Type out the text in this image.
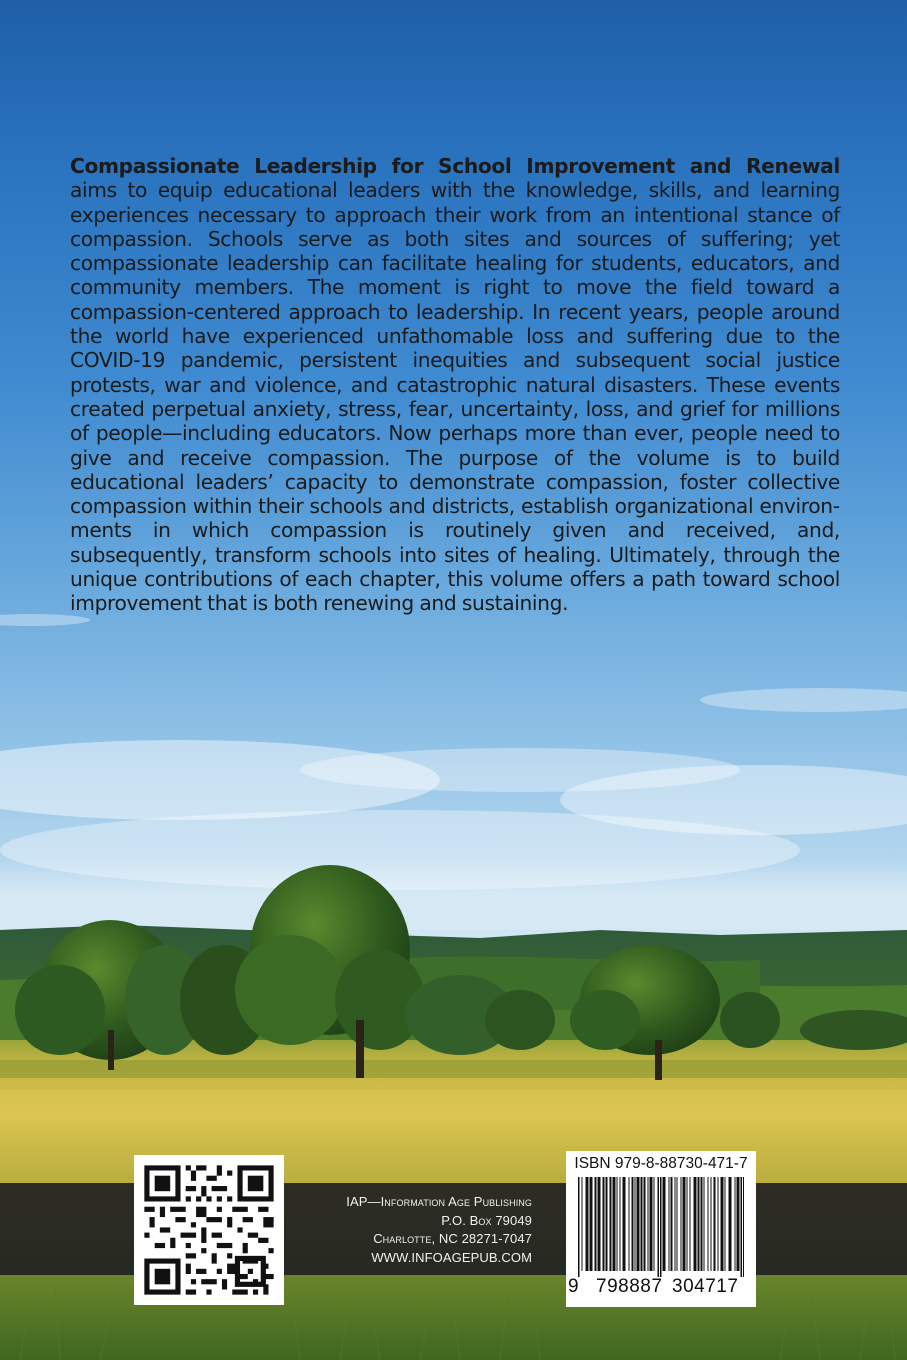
Compassionate Leadership for School Improvement and Renewal aims to equip educational leaders with the knowledge, skills, and learning experiences necessary to approach their work from an intentional stance of compassion. Schools serve as both sites and sources of suffering; yet compassionate leadership can facilitate healing for students, educators, and community members. The moment is right to move the field toward a compassion-centered approach to leadership. In recent years, people around the world have experienced unfathomable loss and suffering due to the COVID-19 pandemic, persistent inequities and subsequent social justice protests, war and violence, and catastrophic natural disasters. These events created perpetual anxiety, stress, fear, uncertainty, loss, and grief for millions of people—including educators. Now perhaps more than ever, people need to give and receive compassion. The purpose of the volume is to build educational leaders’ capacity to demonstrate compassion, foster collective compassion within their schools and districts, establish organizational environments in which compassion is routinely given and received, and, subsequently, transform schools into sites of healing. Ultimately, through the unique contributions of each chapter, this volume offers a path toward school improvement that is both renewing and sustaining.
IAP—Information Age Publishing
P.O. Box 79049
Charlotte, NC 28271-7047
WWW.INFOAGEPUB.COM
ISBN 979-8-88730-471-7
9 798887 304717
